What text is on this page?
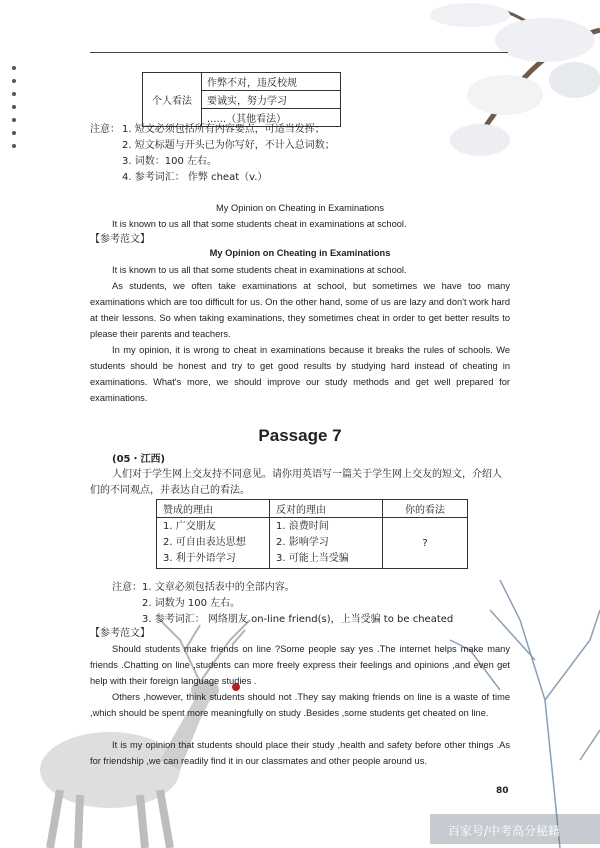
个人看法	作弊不对，违反校规
要诚实，努力学习
......（其他看法）
注意： 1. 短文必须包括所有内容要点，可适当发挥；
2. 短文标题与开头已为你写好，不计入总词数；
3. 词数：100 左右。
4. 参考词汇： 作弊 cheat（v.）
My Opinion on Cheating in Examinations
It is known to us all that some students cheat in examinations at school.
【参考范文】
My Opinion on Cheating in Examinations
It is known to us all that some students cheat in examinations at school.
As students, we often take examinations at school, but sometimes we have too many examinations which are too difficult for us. On the other hand, some of us are lazy and don't work hard at their lessons. So when taking examinations, they sometimes cheat in order to get better results to please their parents and teachers.
In my opinion, it is wrong to cheat in examinations because it breaks the rules of schools. We students should be honest and try to get good results by studying hard instead of cheating in examinations. What's more, we should improve our study methods and get well prepared for examinations.
Passage 7
(05・江西)
人们对于学生网上交友持不同意见。请你用英语写一篇关于学生网上交友的短文，介绍人们的不同观点，并表达自己的看法。
赞成的理由	反对的理由	你的看法

1. 广交朋友
2. 可自由表达思想
3. 利于外语学习	1. 浪费时间
2. 影响学习
3. 可能上当受骗	?
注意： 1. 文章必须包括表中的全部内容。
2. 词数为 100 左右。
3. 参考词汇： 网络朋友 on-line friend(s)，上当受骗 to be cheated
【参考范文】
Should students make friends on line ?Some people say yes .The internet helps make many friends .Chatting on line ,students can more freely express their feelings and opinions ,and even get help with their foreign language studies .
Others ,however, think students should not .They say making friends on line is a waste of time ,which should be spent more meaningfully on study .Besides ,some students get cheated on line.
It is my opinion that students should place their study ,health and safety before other things .As for friendship ,we can readily find it in our classmates and other people around us.
80
百家号/中考高分秘籍
